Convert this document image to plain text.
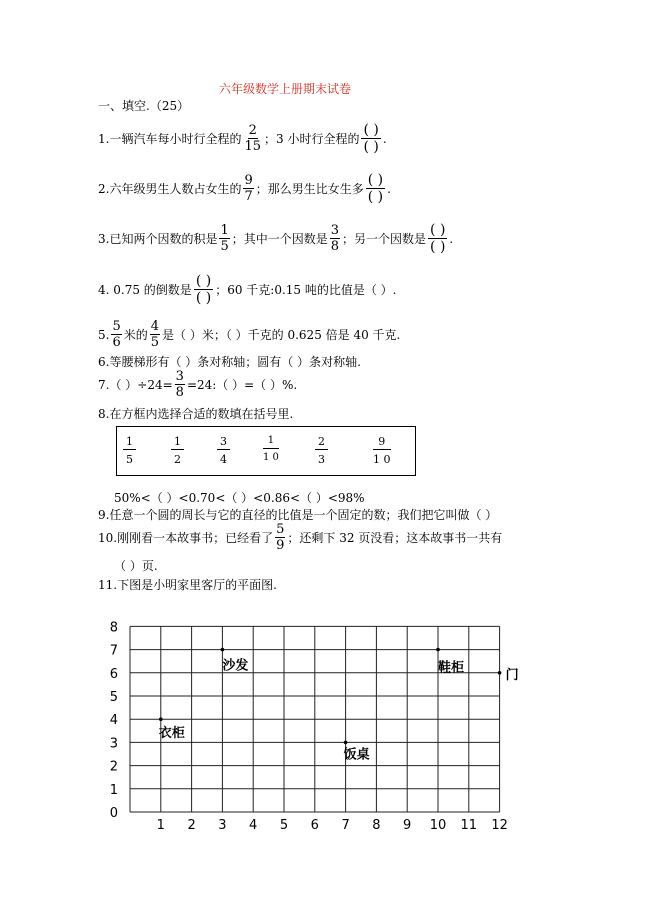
六年级数学上册期末试卷
一、填空.（25）
1.一辆汽车每小时行全程的 $\frac{2}{15}$ ；3 小时行全程的 $\frac{( )}{( )}$ .
2.六年级男生人数占女生的 $\frac{9}{7}$ ；那么男生比女生多 $\frac{( )}{( )}$ .
3.已知两个因数的积是 $\frac{1}{5}$ ；其中一个因数是 $\frac{3}{8}$ ；另一个因数是 $\frac{( )}{( )}$ .
4. 0.75 的倒数是 $\frac{( )}{( )}$ ；60 千克:0.15 吨的比值是（ ）.
5. $\frac{5}{6}$ 米的 $\frac{4}{5}$ 是（ ）米；（ ）千克的 0.625 倍是 40 千克.
6.等腰梯形有（ ）条对称轴；圆有（ ）条对称轴.
7.（ ）$\div 24= \frac{3}{8}$ =24:（ ）=（ ）%.
8.在方框内选择合适的数填在括号里.
$\frac{1}{5}$	$\frac{1}{2}$	$\frac{3}{4}$	$\frac{1}{1 0}$	$\frac{2}{3}$	$\frac{9}{1 0}$
50%<（ ）<0.70<（ ）<0.86<（ ）<98%
9.任意一个圆的周长与它的直径的比值是一个固定的数；我们把它叫做（ ）
10.刚刚看一本故事书；已经看了 $\frac{5}{9}$ ；还剩下 32 页没看；这本故事书一共有
（ ）页.
11.下图是小明家里客厅的平面图.
0
1
2
3
4
5
6
7
8
1 2 3 4 5 6 7 8 9 10 11 12
沙发	鞋柜	门
衣柜
饭桌
